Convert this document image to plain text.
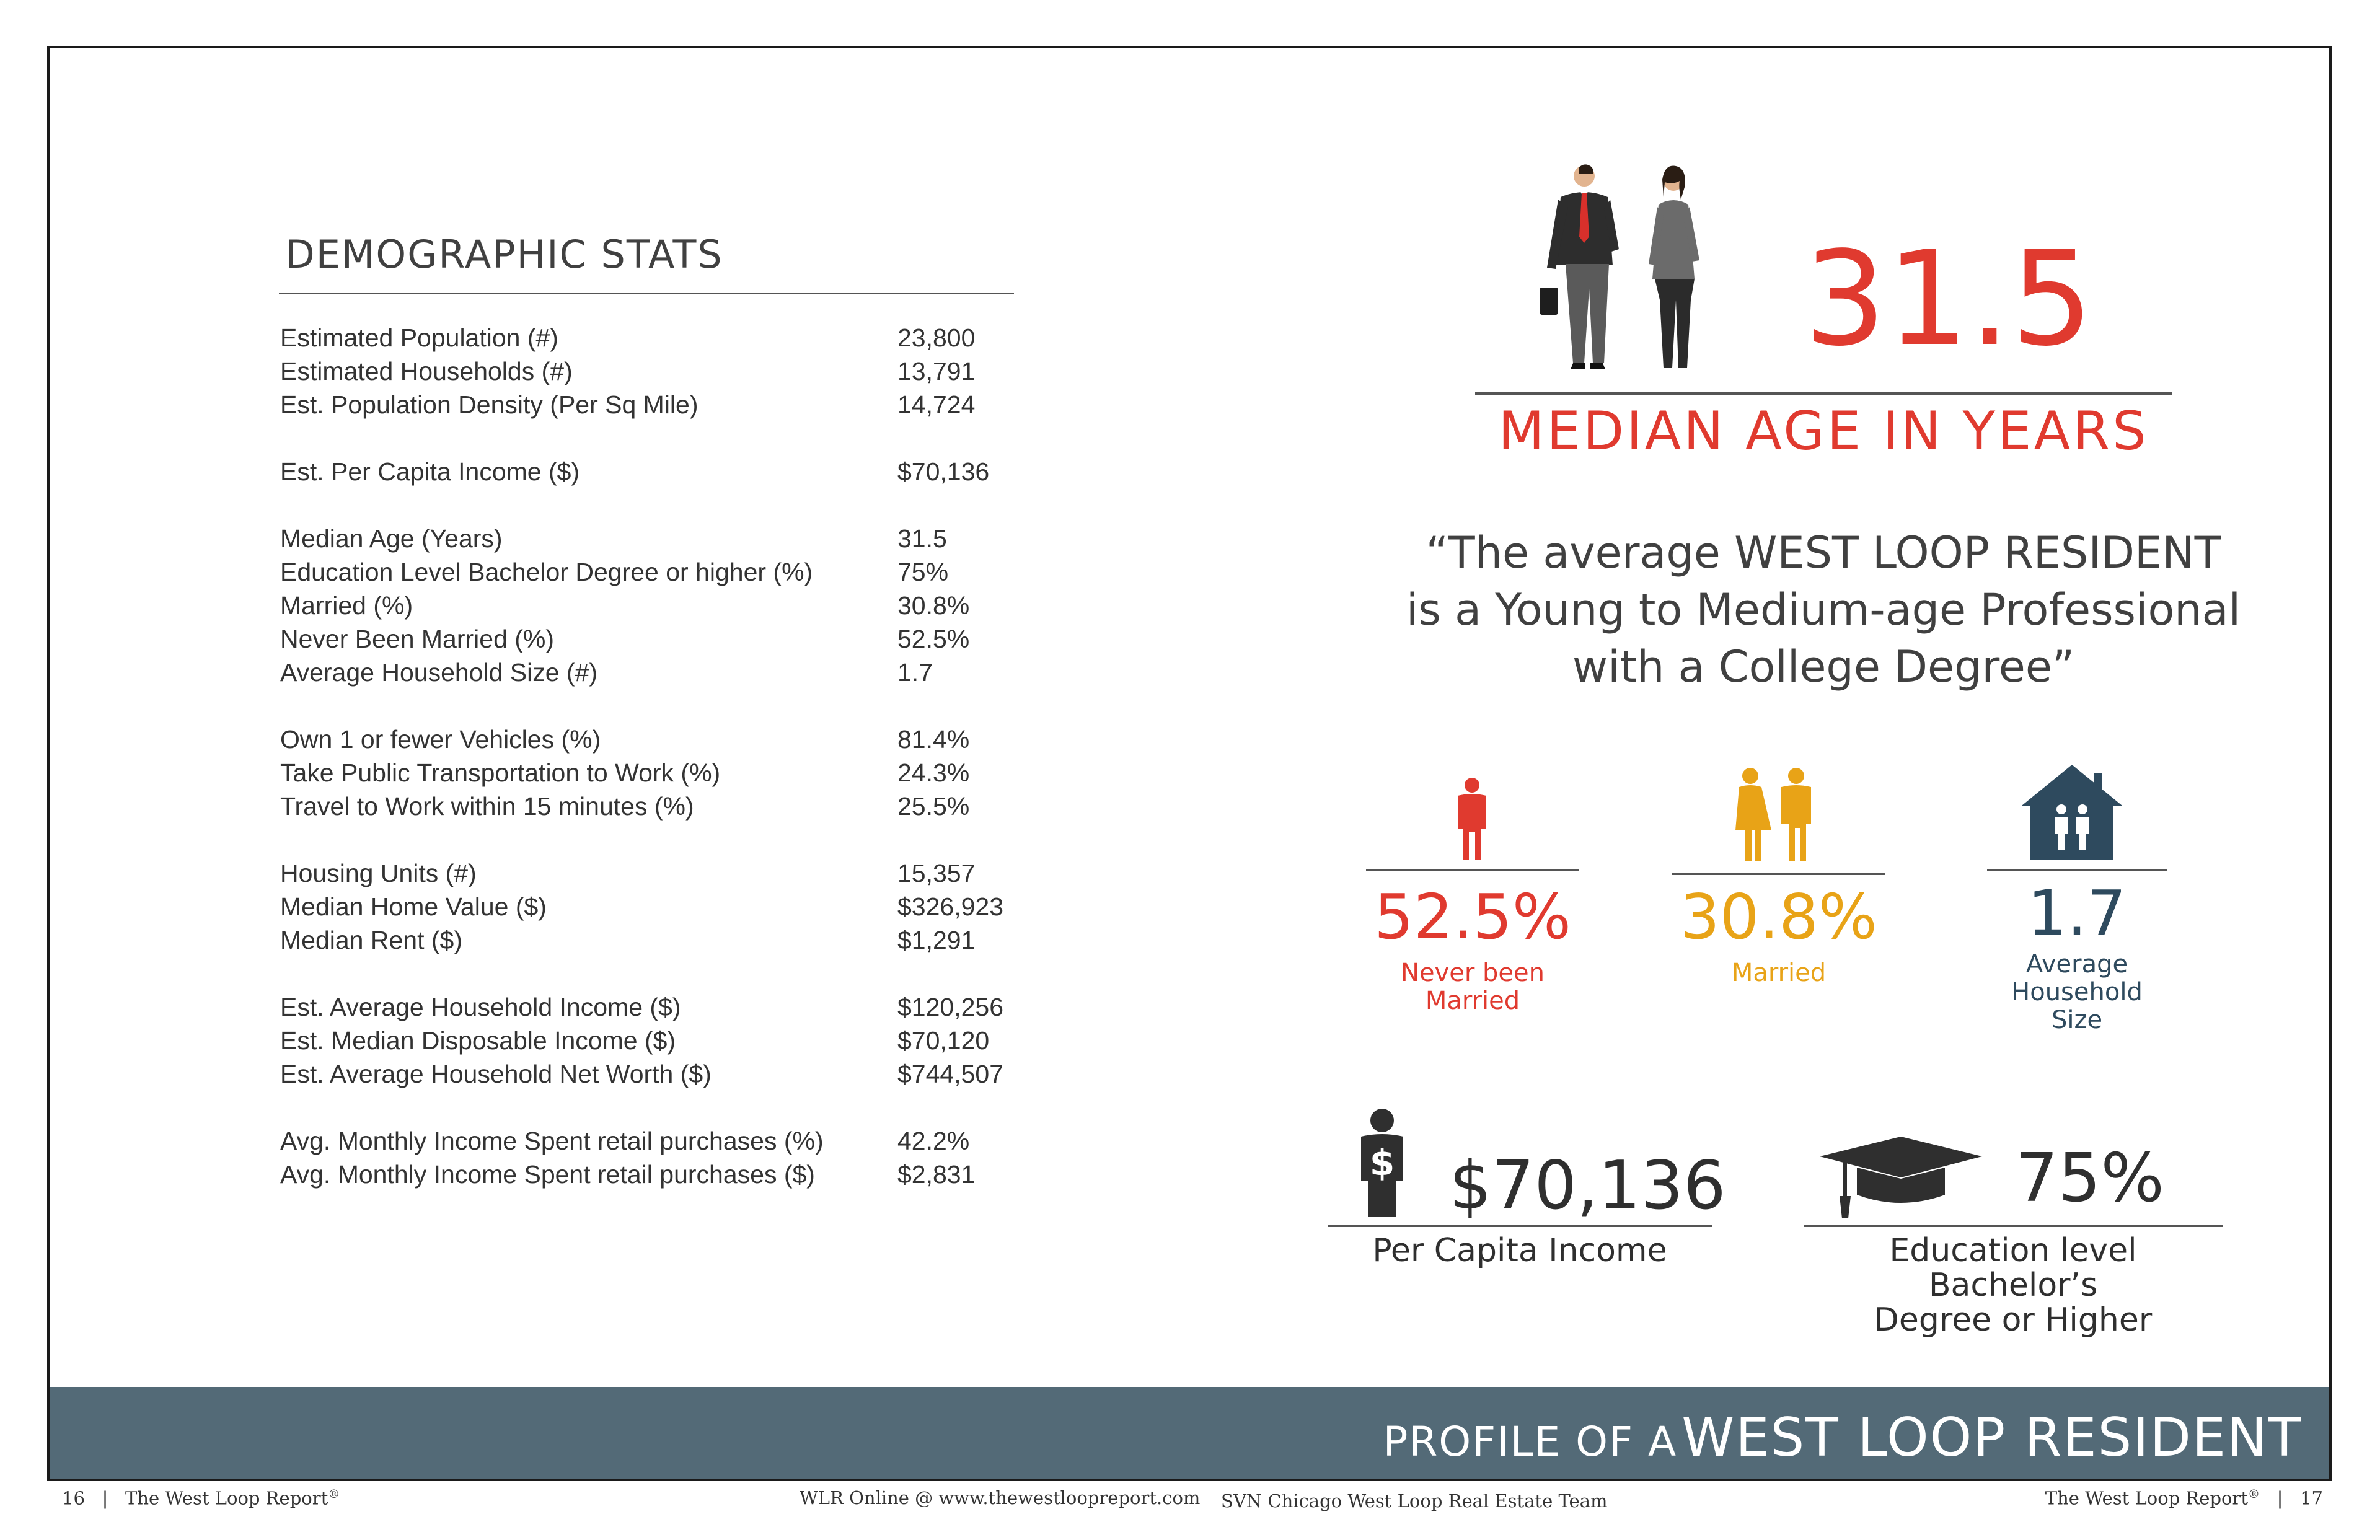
DEMOGRAPHIC STATS
Estimated Population (#)	23,800
Estimated Households (#)	13,791
Est. Population Density (Per Sq Mile)	14,724
Est. Per Capita Income ($)	$70,136
Median Age (Years)	31.5
Education Level Bachelor Degree or higher (%)	75%
Married (%)	30.8%
Never Been Married (%)	52.5%
Average Household Size (#)	1.7
Own 1 or fewer Vehicles (%)	81.4%
Take Public Transportation to Work (%)	24.3%
Travel to Work within 15 minutes (%)	25.5%
Housing Units (#)	15,357
Median Home Value ($)	$326,923
Median Rent ($)	$1,291
Est. Average Household Income ($)	$120,256
Est. Median Disposable Income ($)	$70,120
Est. Average Household Net Worth ($)	$744,507
Avg. Monthly Income Spent retail purchases (%)	42.2%
Avg. Monthly Income Spent retail purchases ($)	$2,831
31.5
MEDIAN AGE IN YEARS
“The average WEST LOOP RESIDENT
is a Young to Medium-age Professional
with a College Degree”
52.5%
Never been
Married
30.8%
Married
1.7
Average
Household
Size
$ $70,136
Per Capita Income
75%
Education level Bachelor’s
Degree or Higher
PROFILE OF A WEST LOOP RESIDENT
16 | The West Loop Report®	WLR Online @ www.thewestloopreport.com SVN Chicago West Loop Real Estate Team	The West Loop Report® | 17
